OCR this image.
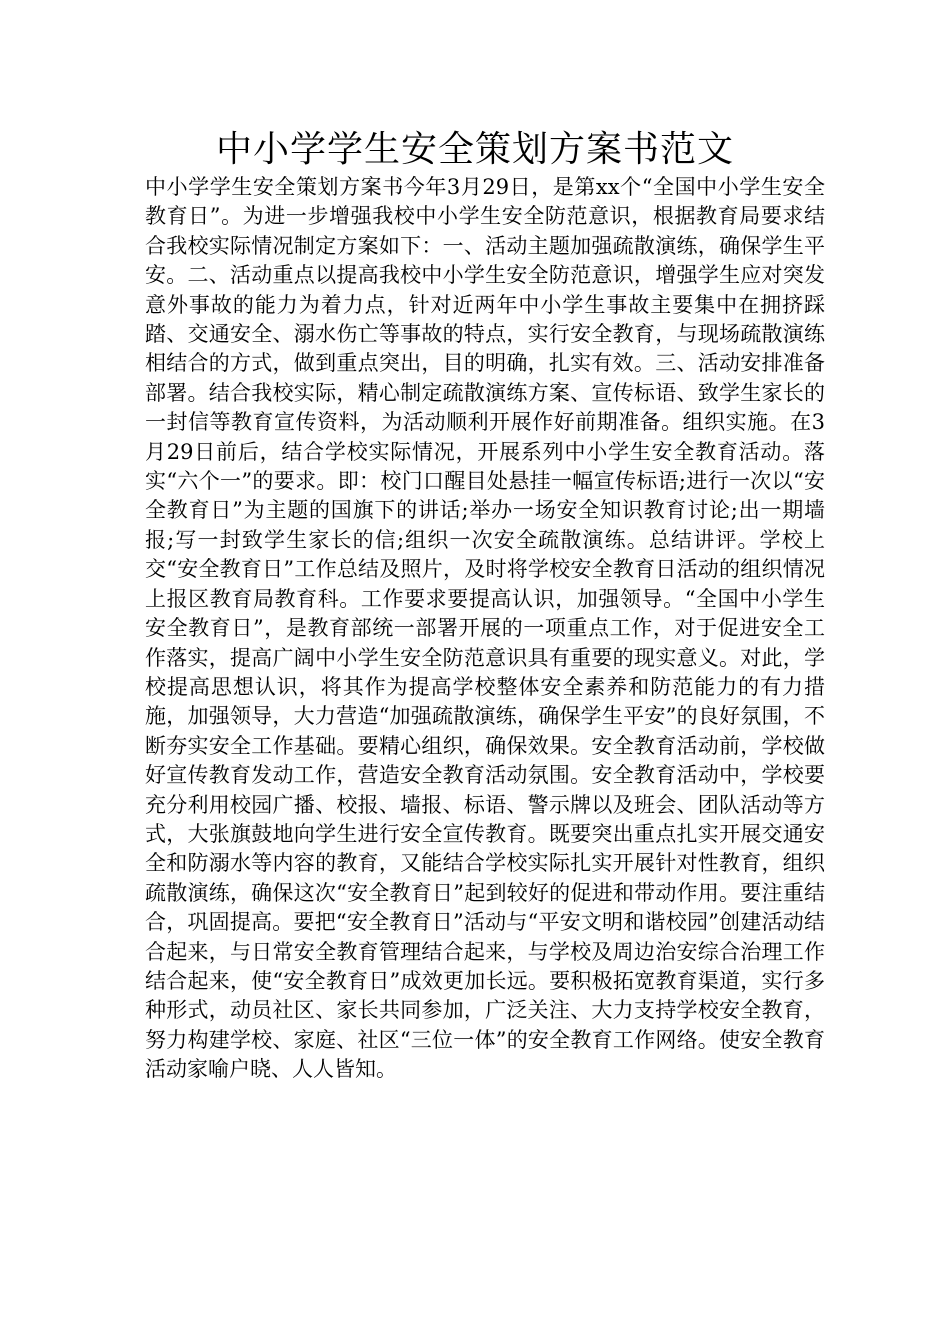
中小学学生安全策划方案书范文

中小学学生安全策划方案书今年3月29日，是第xx个“全国中小学生安全教育日”。为进一步增强我校中小学生安全防范意识，根据教育局要求结合我校实际情况制定方案如下：一、活动主题加强疏散演练，确保学生平安。二、活动重点以提高我校中小学生安全防范意识，增强学生应对突发意外事故的能力为着力点，针对近两年中小学生事故主要集中在拥挤踩踏、交通安全、溺水伤亡等事故的特点，实行安全教育，与现场疏散演练相结合的方式，做到重点突出，目的明确，扎实有效。三、活动安排准备部署。结合我校实际，精心制定疏散演练方案、宣传标语、致学生家长的一封信等教育宣传资料，为活动顺利开展作好前期准备。组织实施。在3月29日前后，结合学校实际情况，开展系列中小学生安全教育活动。落实“六个一”的要求。即：校门口醒目处悬挂一幅宣传标语;进行一次以“安全教育日”为主题的国旗下的讲话;举办一场安全知识教育讨论;出一期墙报;写一封致学生家长的信;组织一次安全疏散演练。总结讲评。学校上交“安全教育日”工作总结及照片，及时将学校安全教育日活动的组织情况上报区教育局教育科。工作要求要提高认识，加强领导。“全国中小学生安全教育日”，是教育部统一部署开展的一项重点工作，对于促进安全工作落实，提高广阔中小学生安全防范意识具有重要的现实意义。对此，学校提高思想认识，将其作为提高学校整体安全素养和防范能力的有力措施，加强领导，大力营造“加强疏散演练，确保学生平安”的良好氛围，不断夯实安全工作基础。要精心组织，确保效果。安全教育活动前，学校做好宣传教育发动工作，营造安全教育活动氛围。安全教育活动中，学校要充分利用校园广播、校报、墙报、标语、警示牌以及班会、团队活动等方式，大张旗鼓地向学生进行安全宣传教育。既要突出重点扎实开展交通安全和防溺水等内容的教育，又能结合学校实际扎实开展针对性教育，组织疏散演练，确保这次“安全教育日”起到较好的促进和带动作用。要注重结合，巩固提高。要把“安全教育日”活动与“平安文明和谐校园”创建活动结合起来，与日常安全教育管理结合起来，与学校及周边治安综合治理工作结合起来，使“安全教育日”成效更加长远。要积极拓宽教育渠道，实行多种形式，动员社区、家长共同参加，广泛关注、大力支持学校安全教育，努力构建学校、家庭、社区“三位一体”的安全教育工作网络。使安全教育活动家喻户晓、人人皆知。
